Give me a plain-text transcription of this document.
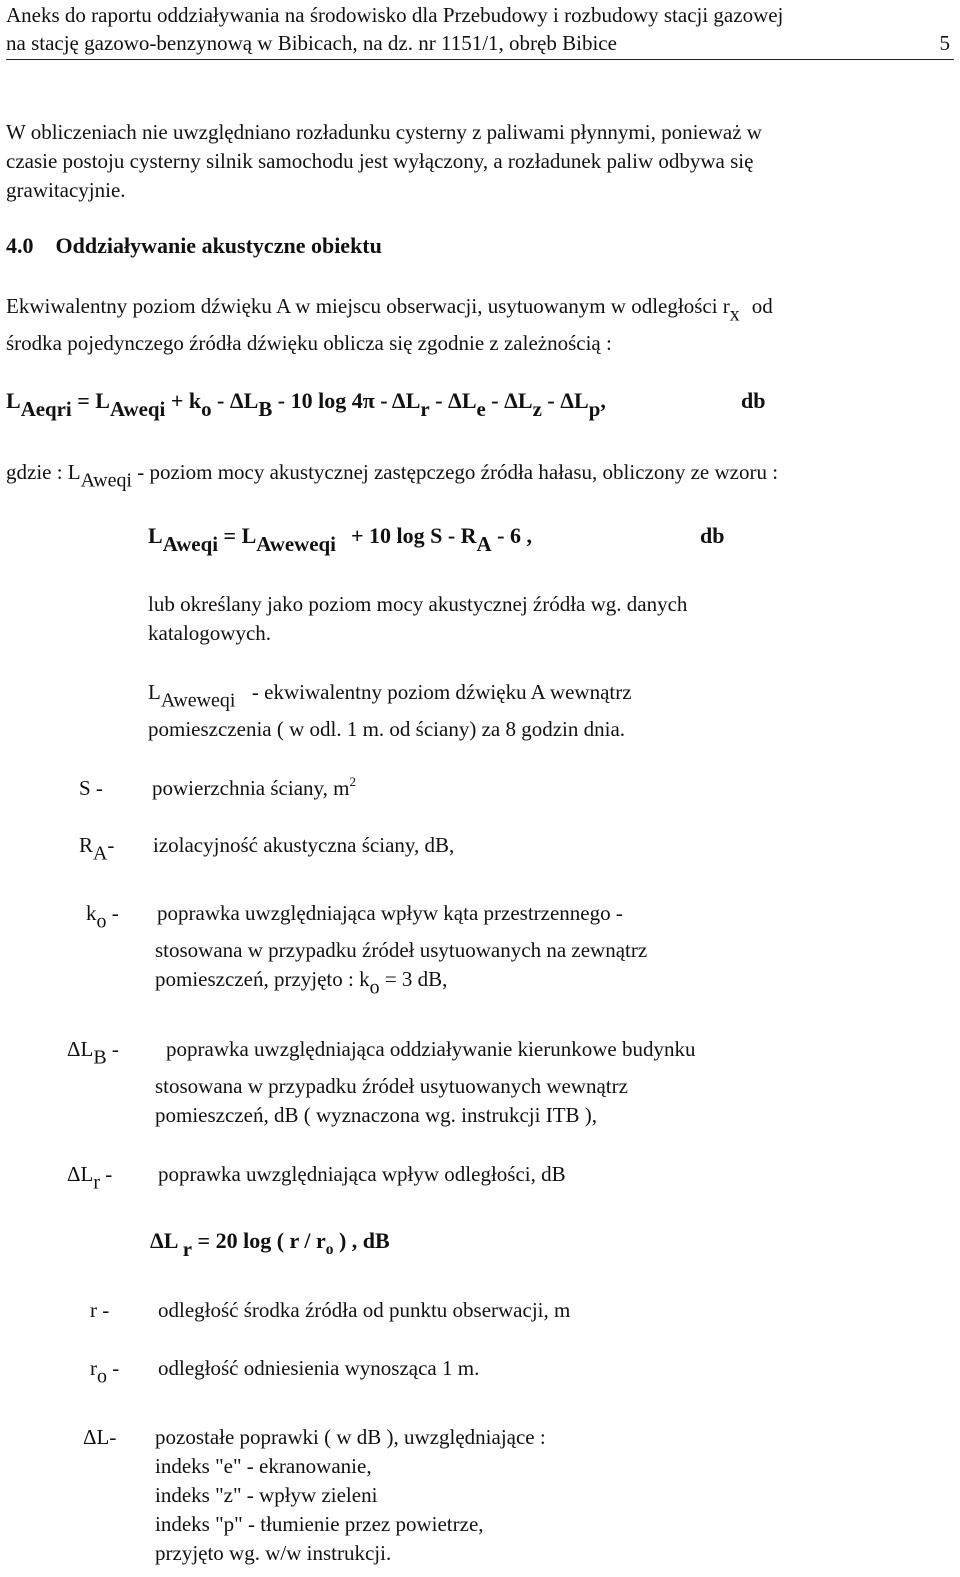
Aneks do raportu oddziaływania na środowisko dla Przebudowy i rozbudowy stacji gazowej
na stację gazowo-benzynową w Bibicach, na dz. nr 1151/1, obręb Bibice	5
W obliczeniach nie uwzględniano rozładunku cysterny z paliwami płynnymi, ponieważ w
czasie postoju cysterny silnik samochodu jest wyłączony, a rozładunek paliw odbywa się
grawitacyjnie.
4.0 Oddziaływanie akustyczne obiektu
Ekwiwalentny poziom dźwięku A w miejscu obserwacji, usytuowanym w odległości $r_x$ od
środka pojedynczego źródła dźwięku oblicza się zgodnie z zależnością :
$L_{Aeqri} = L_{Aweqi} + k_o - \Delta L_B - 10$ $\log 4\pi - \Delta L_r - \Delta L_e - \Delta L_z - \Delta L_p$,	db
gdzie : $L_{Aweqi}$ - poziom mocy akustycznej zastępczego źródła hałasu, obliczony ze wzoru :
$L_{Aweqi} = L_{Aweweqi} + 10$ log S - $R_A - 6$ ,	db
lub określany jako poziom mocy akustycznej źródła wg. danych
katalogowych.
$L_{Aweweqi}$ - ekwiwalentny poziom dźwięku A wewnątrz
pomieszczenia ( w odl. 1 m. od ściany) za 8 godzin dnia.
S - powierzchnia ściany, $m^2$
$R_A-$ izolacyjność akustyczna ściany, dB,
$k_o$ - poprawka uwzględniająca wpływ kąta przestrzennego -
stosowana w przypadku źródeł usytuowanych na zewnątrz
pomieszczeń, przyjęto : $k_o = 3$ dB,
$\Delta L_B$ - poprawka uwzględniająca oddziaływanie kierunkowe budynku
stosowana w przypadku źródeł usytuowanych wewnątrz
pomieszczeń, dB ( wyznaczona wg. instrukcji ITB ),
$\Delta L_r$ - poprawka uwzględniająca wpływ odległości, dB
ΔL $_r$ = 20 log ( r / $r_o$ ) , dB
r - odległość środka źródła od punktu obserwacji, m
$r_o$ - odległość odniesienia wynosząca 1 m.
ΔL- pozostałe poprawki ( w dB ), uwzględniające :
indeks "e" - ekranowanie,
indeks "z" - wpływ zieleni
indeks "p" - tłumienie przez powietrze,
przyjęto wg. w/w instrukcji.
